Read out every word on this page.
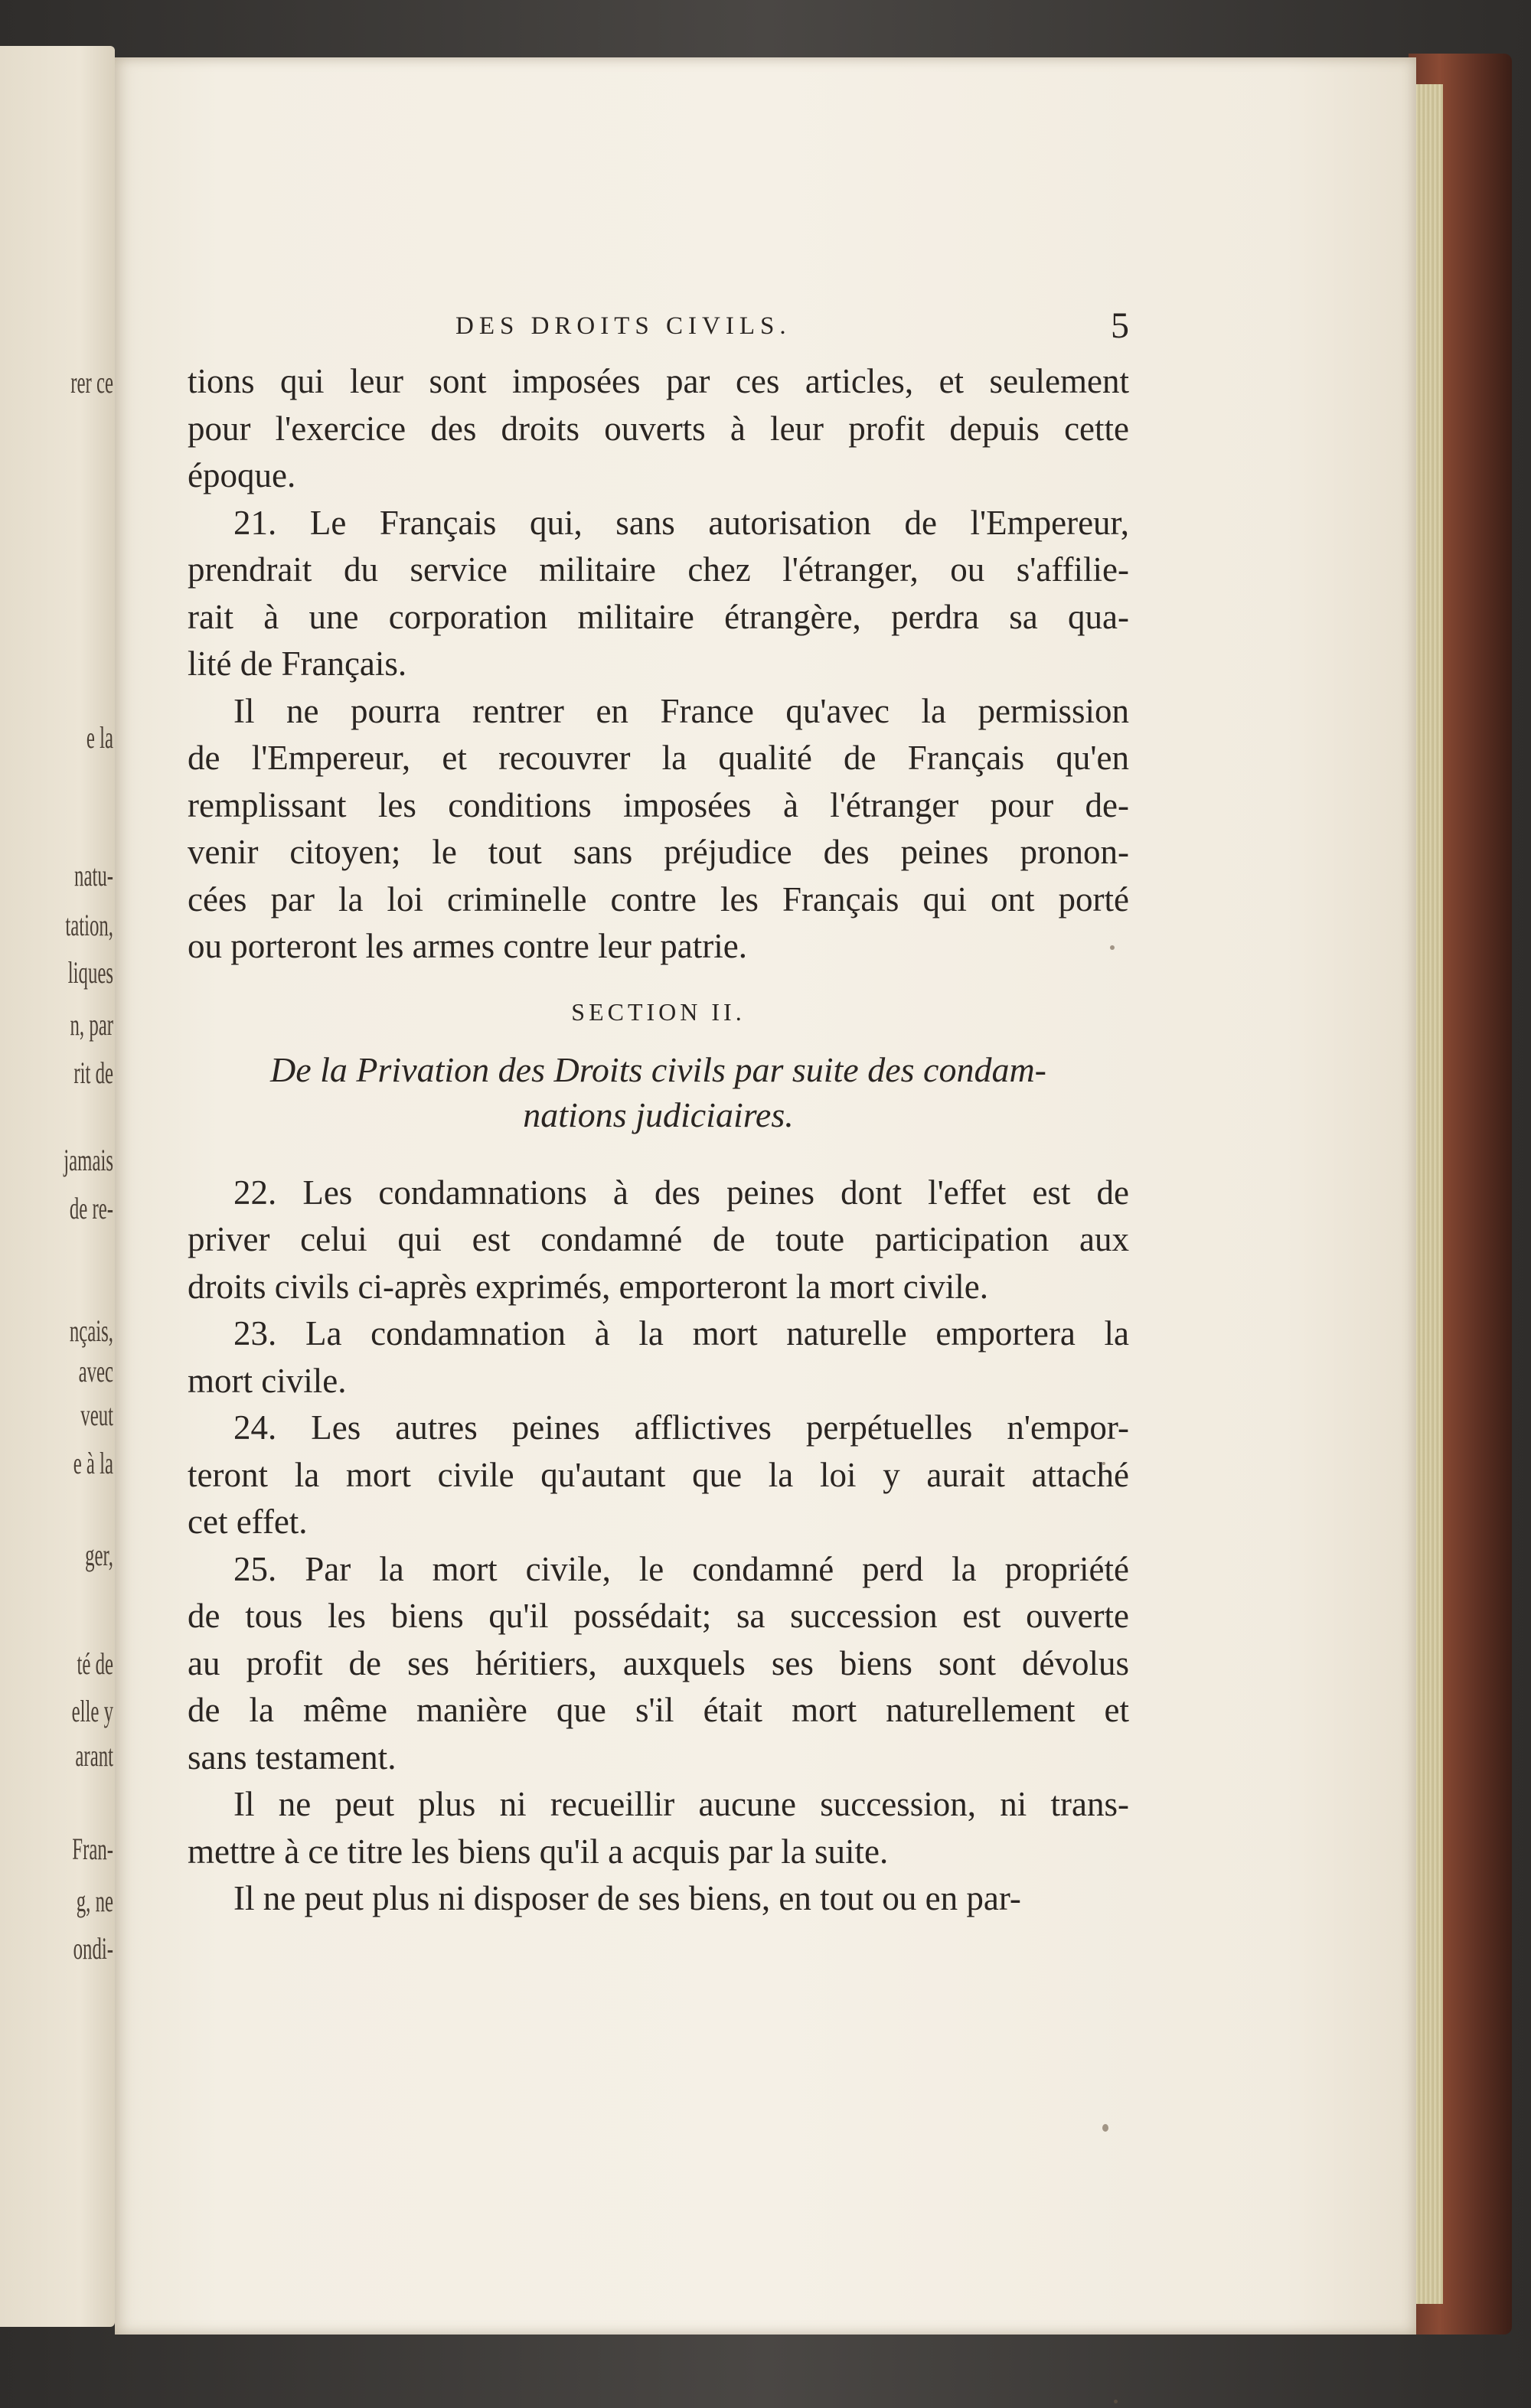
rer ce
e la
natu-
tation,
liques
n, par
rit de
jamais
de re-
nçais,
avec
veut
e à la
ger,
té de
elle y
arant
Fran-
g, ne
ondi-
DES DROITS CIVILS.	5
tions qui leur sont imposées par ces articles, et seulement
pour l'exercice des droits ouverts à leur profit depuis cette
époque.
21. Le Français qui, sans autorisation de l'Empereur,
prendrait du service militaire chez l'étranger, ou s'affilie-
rait à une corporation militaire étrangère, perdra sa qua-
lité de Français.
Il ne pourra rentrer en France qu'avec la permission
de l'Empereur, et recouvrer la qualité de Français qu'en
remplissant les conditions imposées à l'étranger pour de-
venir citoyen; le tout sans préjudice des peines pronon-
cées par la loi criminelle contre les Français qui ont porté
ou porteront les armes contre leur patrie.
SECTION II.
De la Privation des Droits civils par suite des condam-
nations judiciaires.
22. Les condamnations à des peines dont l'effet est de
priver celui qui est condamné de toute participation aux
droits civils ci-après exprimés, emporteront la mort civile.
23. La condamnation à la mort naturelle emportera la
mort civile.
24. Les autres peines afflictives perpétuelles n'empor-
teront la mort civile qu'autant que la loi y aurait attaché
cet effet.
25. Par la mort civile, le condamné perd la propriété
de tous les biens qu'il possédait; sa succession est ouverte
au profit de ses héritiers, auxquels ses biens sont dévolus
de la même manière que s'il était mort naturellement et
sans testament.
Il ne peut plus ni recueillir aucune succession, ni trans-
mettre à ce titre les biens qu'il a acquis par la suite.
Il ne peut plus ni disposer de ses biens, en tout ou en par-
